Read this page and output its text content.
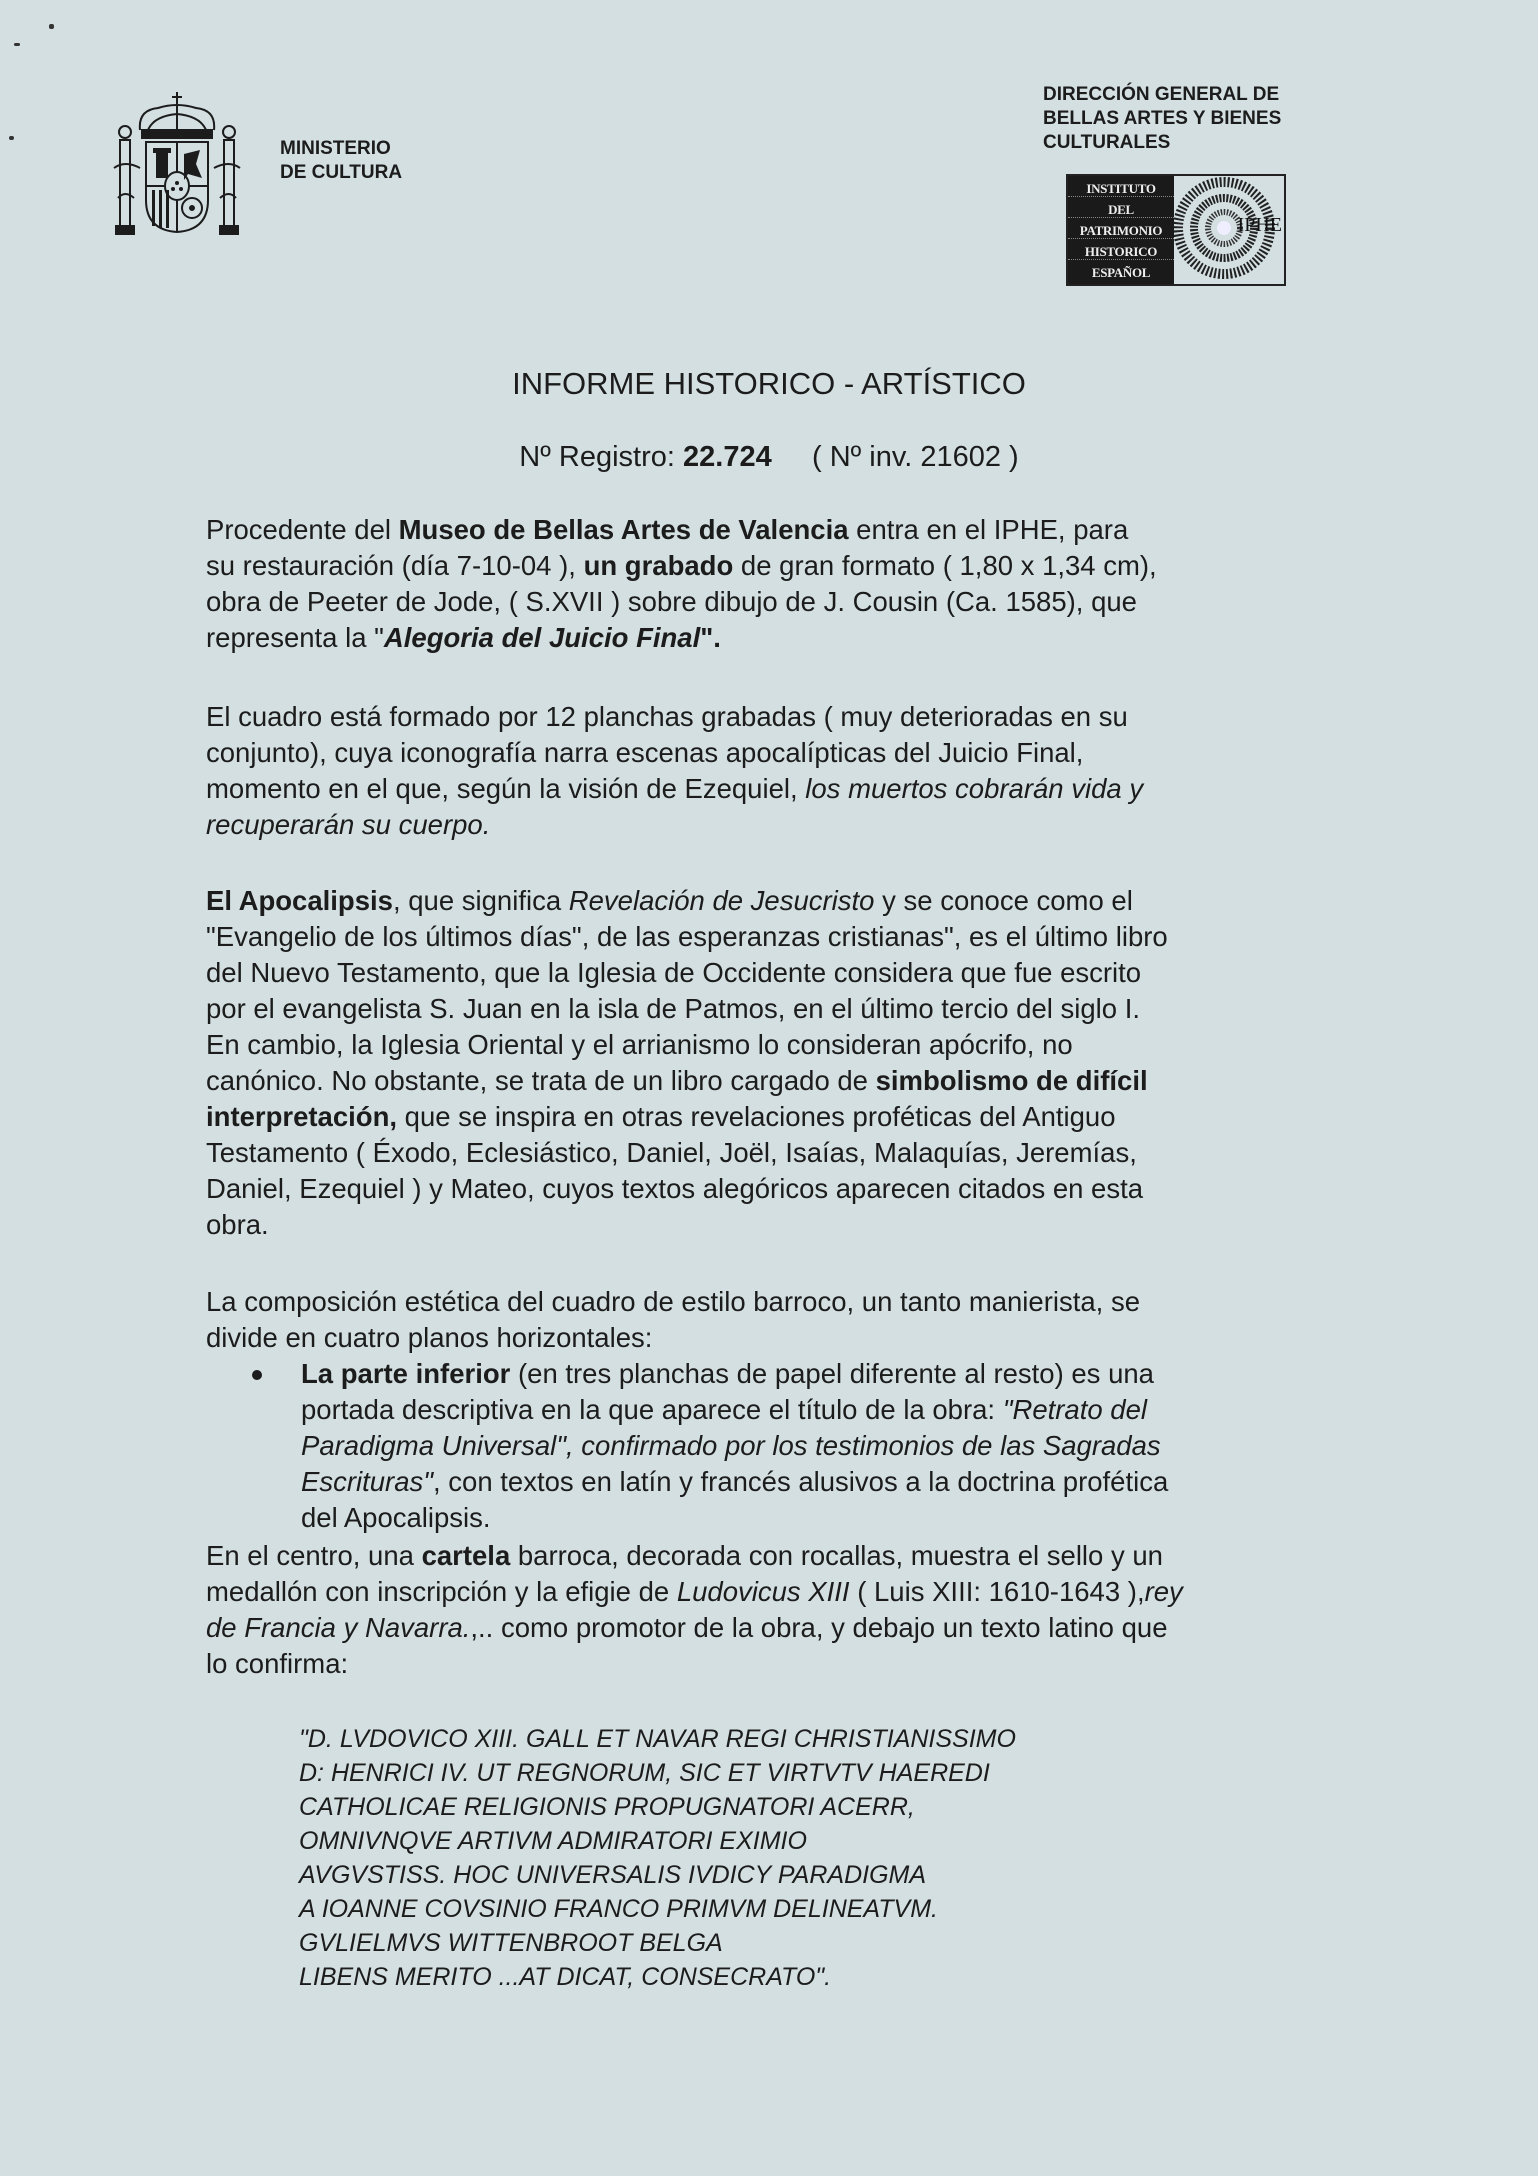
MINISTERIO
DE CULTURA
DIRECCIÓN GENERAL DE
BELLAS ARTES Y BIENES
CULTURALES
INSTITUTO
DEL
PATRIMONIO
HISTORICO
ESPAÑOL
IPHE
INFORME HISTORICO - ARTÍSTICO
Nº Registro: 22.724 ( Nº inv. 21602 )
Procedente del Museo de Bellas Artes de Valencia entra en el IPHE, para
su restauración (día 7-10-04 ), un grabado de gran formato ( 1,80 x 1,34 cm),
obra de Peeter de Jode, ( S.XVII ) sobre dibujo de J. Cousin (Ca. 1585), que
representa la "Alegoria del Juicio Final".
El cuadro está formado por 12 planchas grabadas ( muy deterioradas en su
conjunto), cuya iconografía narra escenas apocalípticas del Juicio Final,
momento en el que, según la visión de Ezequiel, los muertos cobrarán vida y
recuperarán su cuerpo.
El Apocalipsis, que significa Revelación de Jesucristo y se conoce como el
"Evangelio de los últimos días", de las esperanzas cristianas", es el último libro
del Nuevo Testamento, que la Iglesia de Occidente considera que fue escrito
por el evangelista S. Juan en la isla de Patmos, en el último tercio del siglo I.
En cambio, la Iglesia Oriental y el arrianismo lo consideran apócrifo, no
canónico. No obstante, se trata de un libro cargado de simbolismo de difícil
interpretación, que se inspira en otras revelaciones proféticas del Antiguo
Testamento ( Éxodo, Eclesiástico, Daniel, Joël, Isaías, Malaquías, Jeremías,
Daniel, Ezequiel ) y Mateo, cuyos textos alegóricos aparecen citados en esta
obra.
La composición estética del cuadro de estilo barroco, un tanto manierista, se
divide en cuatro planos horizontales:
La parte inferior (en tres planchas de papel diferente al resto) es una
portada descriptiva en la que aparece el título de la obra: "Retrato del
Paradigma Universal", confirmado por los testimonios de las Sagradas
Escrituras", con textos en latín y francés alusivos a la doctrina profética
del Apocalipsis.
En el centro, una cartela barroca, decorada con rocallas, muestra el sello y un
medallón con inscripción y la efigie de Ludovicus XIII ( Luis XIII: 1610-1643 ),rey
de Francia y Navarra.,.. como promotor de la obra, y debajo un texto latino que
lo confirma:
"D. LVDOVICO XIII. GALL ET NAVAR REGI CHRISTIANISSIMO
D: HENRICI IV. UT REGNORUM, SIC ET VIRTVTV HAEREDI
CATHOLICAE RELIGIONIS PROPUGNATORI ACERR,
OMNIVNQVE ARTIVM ADMIRATORI EXIMIO
AVGVSTISS. HOC UNIVERSALIS IVDICY PARADIGMA
A IOANNE COVSINIO FRANCO PRIMVM DELINEATVM.
GVLIELMVS WITTENBROOT BELGA
LIBENS MERITO ...AT DICAT, CONSECRATO".
